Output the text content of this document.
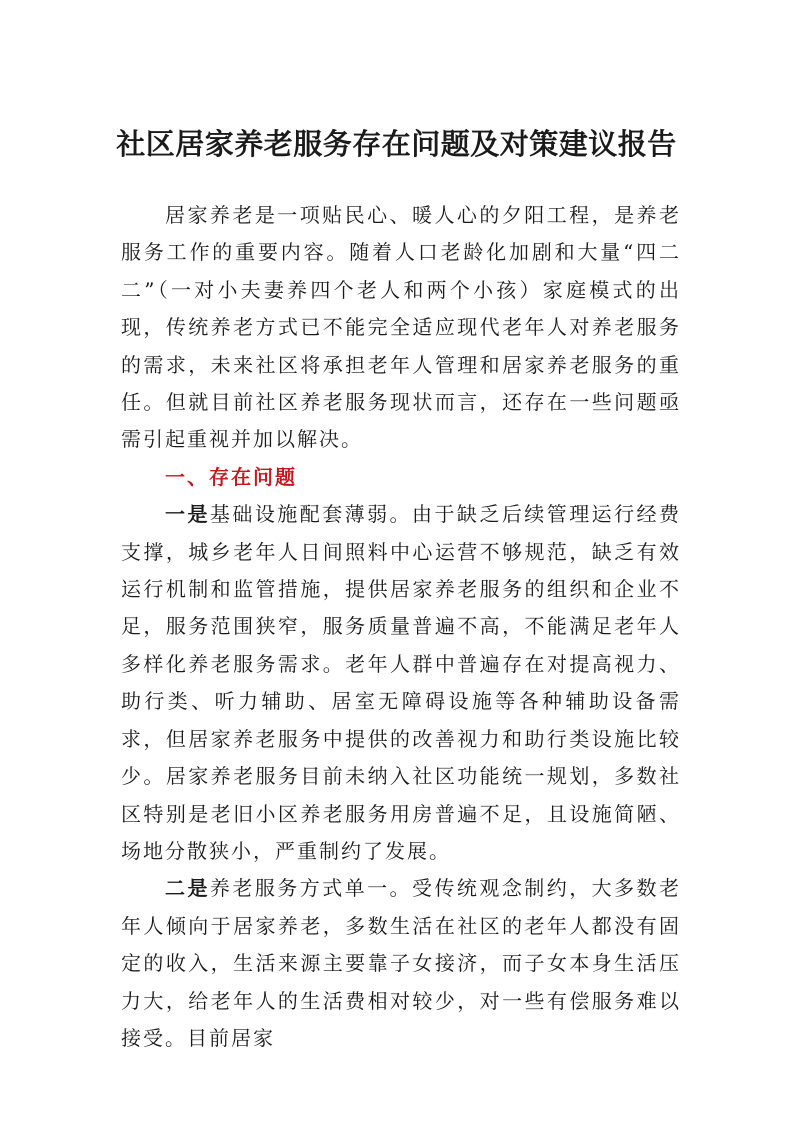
社区居家养老服务存在问题及对策建议报告

居家养老是一项贴民心、暖人心的夕阳工程，是养老服务工作的重要内容。随着人口老龄化加剧和大量“四二二”（一对小夫妻养四个老人和两个小孩）家庭模式的出现，传统养老方式已不能完全适应现代老年人对养老服务的需求，未来社区将承担老年人管理和居家养老服务的重任。但就目前社区养老服务现状而言，还存在一些问题亟需引起重视并加以解决。

一、存在问题

一是基础设施配套薄弱。由于缺乏后续管理运行经费支撑，城乡老年人日间照料中心运营不够规范，缺乏有效运行机制和监管措施，提供居家养老服务的组织和企业不足，服务范围狭窄，服务质量普遍不高，不能满足老年人多样化养老服务需求。老年人群中普遍存在对提高视力、助行类、听力辅助、居室无障碍设施等各种辅助设备需求，但居家养老服务中提供的改善视力和助行类设施比较少。居家养老服务目前未纳入社区功能统一规划，多数社区特别是老旧小区养老服务用房普遍不足，且设施简陋、场地分散狭小，严重制约了发展。

二是养老服务方式单一。受传统观念制约，大多数老年人倾向于居家养老，多数生活在社区的老年人都没有固定的收入，生活来源主要靠子女接济，而子女本身生活压力大，给老年人的生活费相对较少，对一些有偿服务难以接受。目前居家
